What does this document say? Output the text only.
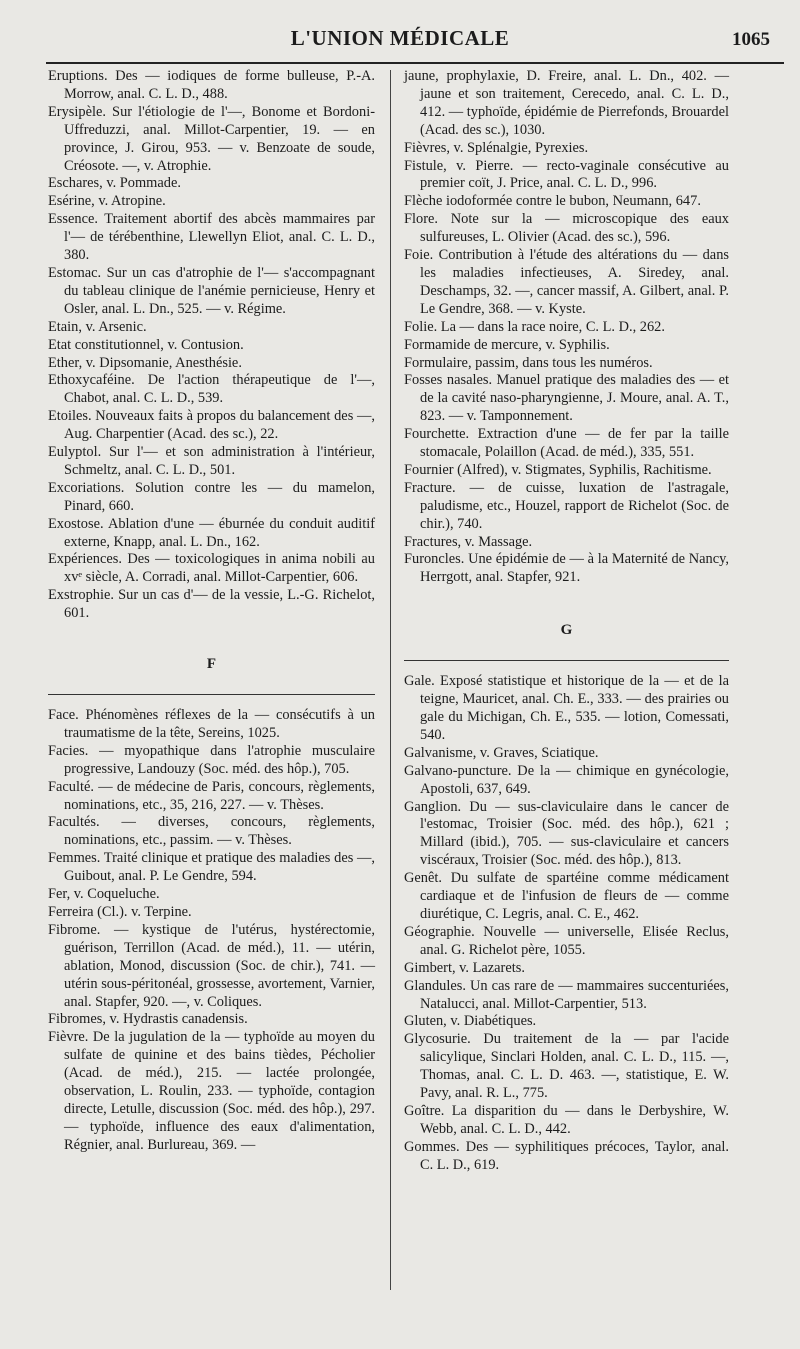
L'UNION MÉDICALE	1065

Eruptions. Des — iodiques de forme bulleuse, P.-A. Morrow, anal. C. L. D., 488.

Erysipèle. Sur l'étiologie de l'—, Bonome et Bordoni-Uffreduzzi, anal. Millot-Carpentier, 19. — en province, J. Girou, 953. — v. Benzoate de soude, Créosote. —, v. Atrophie.

Eschares, v. Pommade.

Esérine, v. Atropine.

Essence. Traitement abortif des abcès mammaires par l'— de térébenthine, Llewellyn Eliot, anal. C. L. D., 380.

Estomac. Sur un cas d'atrophie de l'— s'accompagnant du tableau clinique de l'anémie pernicieuse, Henry et Osler, anal. L. Dn., 525. — v. Régime.

Etain, v. Arsenic.

Etat constitutionnel, v. Contusion.

Ether, v. Dipsomanie, Anesthésie.

Ethoxycaféine. De l'action thérapeutique de l'—, Chabot, anal. C. L. D., 539.

Etoiles. Nouveaux faits à propos du balancement des —, Aug. Charpentier (Acad. des sc.), 22.

Eulyptol. Sur l'— et son administration à l'intérieur, Schmeltz, anal. C. L. D., 501.

Excoriations. Solution contre les — du mamelon, Pinard, 660.

Exostose. Ablation d'une — éburnée du conduit auditif externe, Knapp, anal. L. Dn., 162.

Expériences. Des — toxicologiques in anima nobili au xvᵉ siècle, A. Corradi, anal. Millot-Carpentier, 606.

Exstrophie. Sur un cas d'— de la vessie, L.-G. Richelot, 601.

F

Face. Phénomènes réflexes de la — consécutifs à un traumatisme de la tête, Sereins, 1025.

Facies. — myopathique dans l'atrophie musculaire progressive, Landouzy (Soc. méd. des hôp.), 705.

Faculté. — de médecine de Paris, concours, règlements, nominations, etc., 35, 216, 227. — v. Thèses.

Facultés. — diverses, concours, règlements, nominations, etc., passim. — v. Thèses.

Femmes. Traité clinique et pratique des maladies des —, Guibout, anal. P. Le Gendre, 594.

Fer, v. Coqueluche.

Ferreira (Cl.). v. Terpine.

Fibrome. — kystique de l'utérus, hystérectomie, guérison, Terrillon (Acad. de méd.), 11. — utérin, ablation, Monod, discussion (Soc. de chir.), 741. — utérin sous-péritonéal, grossesse, avortement, Varnier, anal. Stapfer, 920. —, v. Coliques.

Fibromes, v. Hydrastis canadensis.

Fièvre. De la jugulation de la — typhoïde au moyen du sulfate de quinine et des bains tièdes, Pécholier (Acad. de méd.), 215. — lactée prolongée, observation, L. Roulin, 233. — typhoïde, contagion directe, Letulle, discussion (Soc. méd. des hôp.), 297. — typhoïde, influence des eaux d'alimentation, Régnier, anal. Burlureau, 369. —

jaune, prophylaxie, D. Freire, anal. L. Dn., 402. — jaune et son traitement, Cerecedo, anal. C. L. D., 412. — typhoïde, épidémie de Pierrefonds, Brouardel (Acad. des sc.), 1030.

Fièvres, v. Splénalgie, Pyrexies.

Fistule, v. Pierre. — recto-vaginale consécutive au premier coït, J. Price, anal. C. L. D., 996.

Flèche iodoformée contre le bubon, Neumann, 647.

Flore. Note sur la — microscopique des eaux sulfureuses, L. Olivier (Acad. des sc.), 596.

Foie. Contribution à l'étude des altérations du — dans les maladies infectieuses, A. Siredey, anal. Deschamps, 32. —, cancer massif, A. Gilbert, anal. P. Le Gendre, 368. — v. Kyste.

Folie. La — dans la race noire, C. L. D., 262.

Formamide de mercure, v. Syphilis.

Formulaire, passim, dans tous les numéros.

Fosses nasales. Manuel pratique des maladies des — et de la cavité naso-pharyngienne, J. Moure, anal. A. T., 823. — v. Tamponnement.

Fourchette. Extraction d'une — de fer par la taille stomacale, Polaillon (Acad. de méd.), 335, 551.

Fournier (Alfred), v. Stigmates, Syphilis, Rachitisme.

Fracture. — de cuisse, luxation de l'astragale, paludisme, etc., Houzel, rapport de Richelot (Soc. de chir.), 740.

Fractures, v. Massage.

Furoncles. Une épidémie de — à la Maternité de Nancy, Herrgott, anal. Stapfer, 921.

G

Gale. Exposé statistique et historique de la — et de la teigne, Mauricet, anal. Ch. E., 333. — des prairies ou gale du Michigan, Ch. E., 535. — lotion, Comessati, 540.

Galvanisme, v. Graves, Sciatique.

Galvano-puncture. De la — chimique en gynécologie, Apostoli, 637, 649.

Ganglion. Du — sus-claviculaire dans le cancer de l'estomac, Troisier (Soc. méd. des hôp.), 621 ; Millard (ibid.), 705. — sus-claviculaire et cancers viscéraux, Troisier (Soc. méd. des hôp.), 813.

Genêt. Du sulfate de spartéine comme médicament cardiaque et de l'infusion de fleurs de — comme diurétique, C. Legris, anal. C. E., 462.

Géographie. Nouvelle — universelle, Elisée Reclus, anal. G. Richelot père, 1055.

Gimbert, v. Lazarets.

Glandules. Un cas rare de — mammaires succenturiées, Natalucci, anal. Millot-Carpentier, 513.

Gluten, v. Diabétiques.

Glycosurie. Du traitement de la — par l'acide salicylique, Sinclari Holden, anal. C. L. D., 115. —, Thomas, anal. C. L. D. 463. —, statistique, E. W. Pavy, anal. R. L., 775.

Goître. La disparition du — dans le Derbyshire, W. Webb, anal. C. L. D., 442.

Gommes. Des — syphilitiques précoces, Taylor, anal. C. L. D., 619.
